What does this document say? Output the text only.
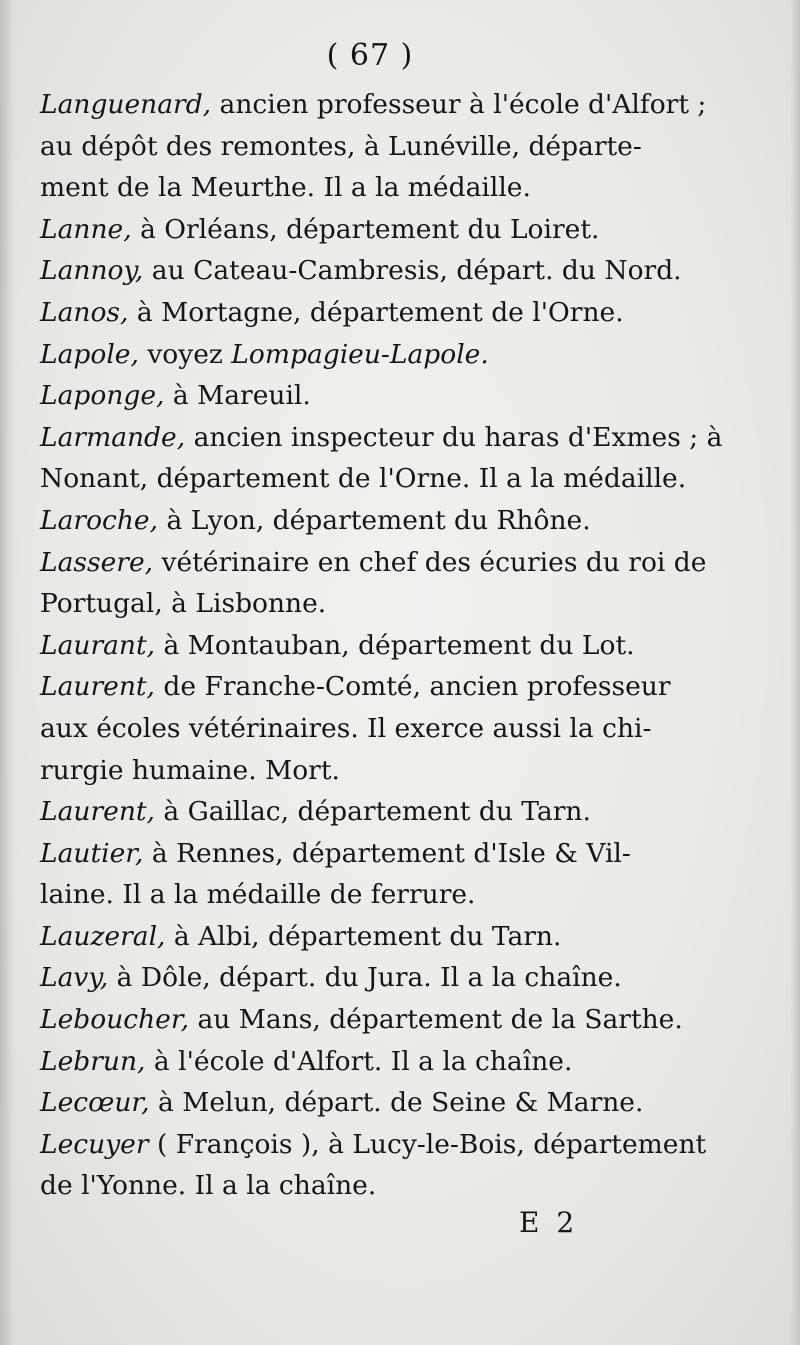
( 67 )
Languenard, ancien professeur à l'école d'Alfort ;
au dépôt des remontes, à Lunéville, départe-
ment de la Meurthe. Il a la médaille.
Lanne, à Orléans, département du Loiret.
Lannoy, au Cateau-Cambresis, départ. du Nord.
Lanos, à Mortagne, département de l'Orne.
Lapole, voyez Lompagieu-Lapole.
Laponge, à Mareuil.
Larmande, ancien inspecteur du haras d'Exmes ; à
Nonant, département de l'Orne. Il a la médaille.
Laroche, à Lyon, département du Rhône.
Lassere, vétérinaire en chef des écuries du roi de
Portugal, à Lisbonne.
Laurant, à Montauban, département du Lot.
Laurent, de Franche-Comté, ancien professeur
aux écoles vétérinaires. Il exerce aussi la chi-
rurgie humaine. Mort.
Laurent, à Gaillac, département du Tarn.
Lautier, à Rennes, département d'Isle & Vil-
laine. Il a la médaille de ferrure.
Lauzeral, à Albi, département du Tarn.
Lavy, à Dôle, départ. du Jura. Il a la chaîne.
Leboucher, au Mans, département de la Sarthe.
Lebrun, à l'école d'Alfort. Il a la chaîne.
Lecœur, à Melun, départ. de Seine & Marne.
Lecuyer ( François ), à Lucy-le-Bois, département
de l'Yonne. Il a la chaîne.
E 2
